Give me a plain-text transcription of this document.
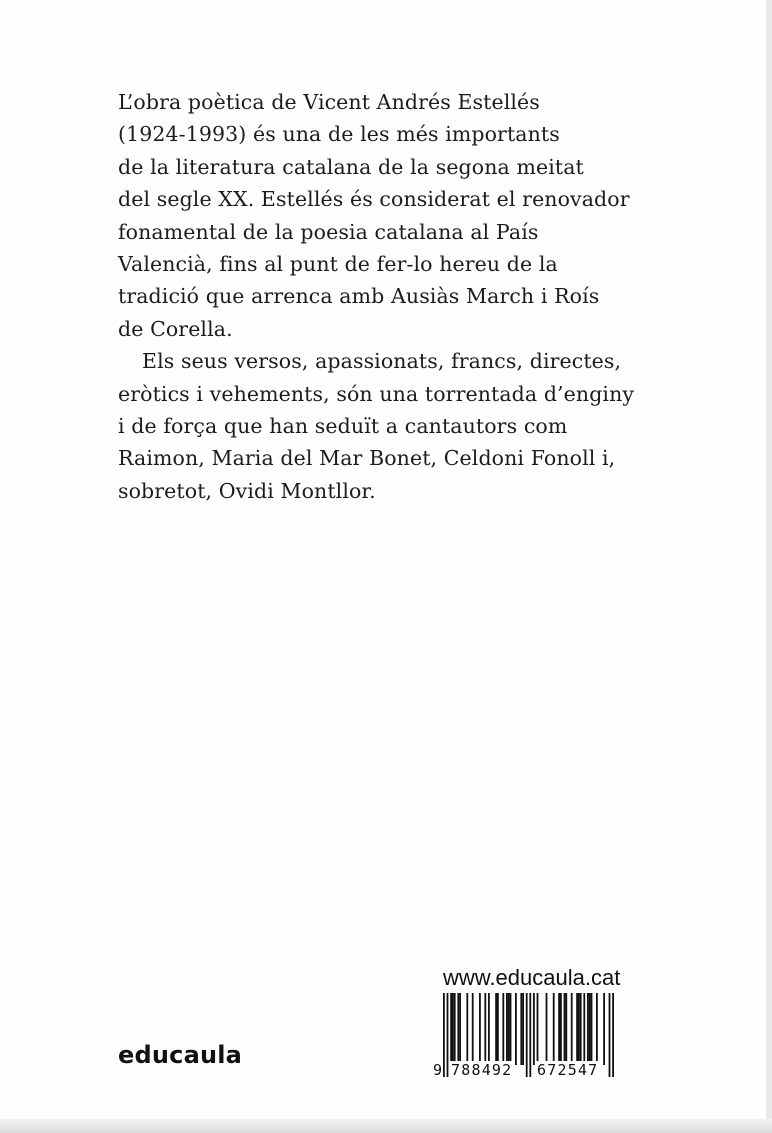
L’obra poètica de Vicent Andrés Estellés
(1924-1993) és una de les més importants
de la literatura catalana de la segona meitat
del segle XX. Estellés és considerat el renovador
fonamental de la poesia catalana al País
Valencià, fins al punt de fer-lo hereu de la
tradició que arrenca amb Ausiàs March i Roís
de Corella.

Els seus versos, apassionats, francs, directes,
eròtics i vehements, són una torrentada d’enginy
i de força que han seduït a cantautors com
Raimon, Maria del Mar Bonet, Celdoni Fonoll i,
sobretot, Ovidi Montllor.

www.educaula.cat
9 788492 672547
educaula
